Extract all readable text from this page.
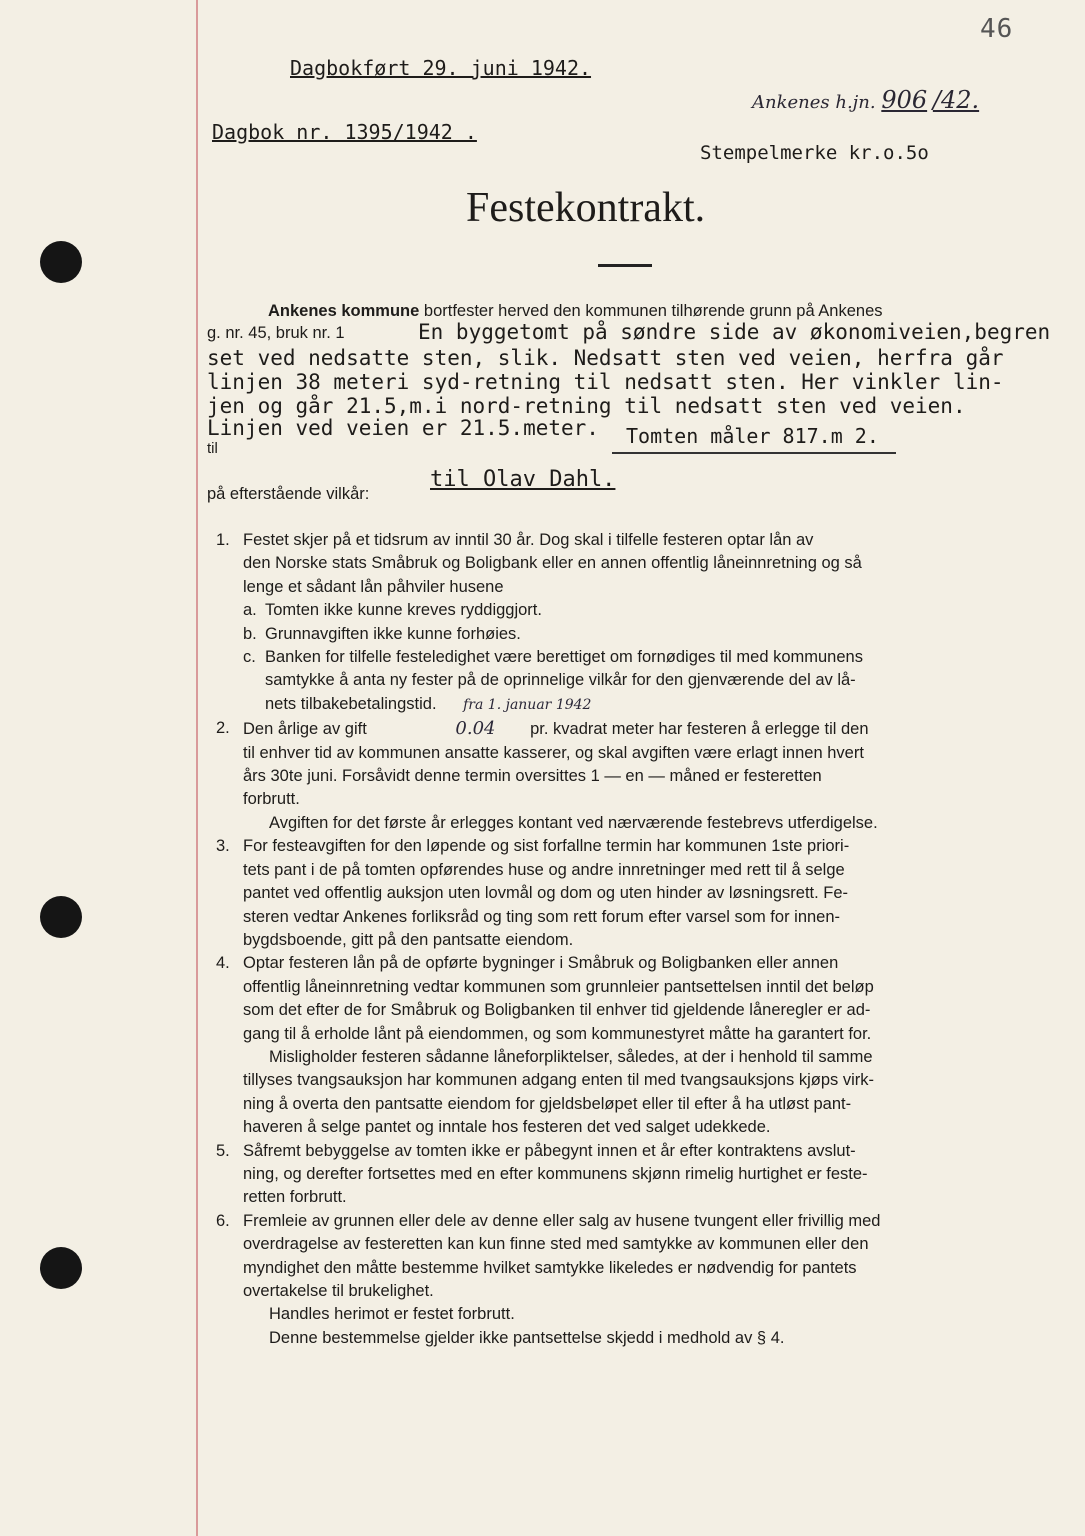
46
Dagbokført 29. juni 1942.
Ankenes h.jn. 906 /42.
Dagbok nr. 1395/1942 .
Stempelmerke kr.o.5o
Festekontrakt.
Ankenes kommune bortfester herved den kommunen tilhørende grunn på Ankenes
g. nr. 45, bruk nr. 1	En byggetomt på søndre side av økonomiveien,begren
set ved nedsatte sten, slik. Nedsatt sten ved veien, herfra går
linjen 38 meteri syd-retning til nedsatt sten. Her vinkler lin-
jen og går 21.5,m.i nord-retning til nedsatt sten ved veien.
Linjen ved veien er 21.5.meter.
til
Tomten måler 817.m 2.
på efterstående vilkår:
til Olav Dahl.
1. Festet skjer på et tidsrum av inntil 30 år. Dog skal i tilfelle festeren optar lån av
den Norske stats Småbruk og Boligbank eller en annen offentlig låneinnretning og så
lenge et sådant lån påhviler husene
a. Tomten ikke kunne kreves ryddiggjort.
b. Grunnavgiften ikke kunne forhøies.
c. Banken for tilfelle festeledighet være berettiget om fornødiges til med kommunens
samtykke å anta ny fester på de oprinnelige vilkår for den gjenværende del av lå-
nets tilbakebetalingstid. fra 1. januar 1942
2. Den årlige av gift	0.04 pr. kvadrat meter har festeren å erlegge til den
til enhver tid av kommunen ansatte kasserer, og skal avgiften være erlagt innen hvert
års 30te juni. Forsåvidt denne termin oversittes 1 — en — måned er festeretten
forbrutt.
Avgiften for det første år erlegges kontant ved nærværende festebrevs utferdigelse.
3. For festeavgiften for den løpende og sist forfallne termin har kommunen 1ste priori-
tets pant i de på tomten opførendes huse og andre innretninger med rett til å selge
pantet ved offentlig auksjon uten lovmål og dom og uten hinder av løsningsrett. Fe-
steren vedtar Ankenes forliksråd og ting som rett forum efter varsel som for innen-
bygdsboende, gitt på den pantsatte eiendom.
4. Optar festeren lån på de opførte bygninger i Småbruk og Boligbanken eller annen
offentlig låneinnretning vedtar kommunen som grunnleier pantsettelsen inntil det beløp
som det efter de for Småbruk og Boligbanken til enhver tid gjeldende låneregler er ad-
gang til å erholde lånt på eiendommen, og som kommunestyret måtte ha garantert for.
Misligholder festeren sådanne låneforpliktelser, således, at der i henhold til samme
tillyses tvangsauksjon har kommunen adgang enten til med tvangsauksjons kjøps virk-
ning å overta den pantsatte eiendom for gjeldsbeløpet eller til efter å ha utløst pant-
haveren å selge pantet og inntale hos festeren det ved salget udekkede.
5. Såfremt bebyggelse av tomten ikke er påbegynt innen et år efter kontraktens avslut-
ning, og derefter fortsettes med en efter kommunens skjønn rimelig hurtighet er feste-
retten forbrutt.
6. Fremleie av grunnen eller dele av denne eller salg av husene tvungent eller frivillig med
overdragelse av festeretten kan kun finne sted med samtykke av kommunen eller den
myndighet den måtte bestemme hvilket samtykke likeledes er nødvendig for pantets
overtakelse til brukelighet.
Handles herimot er festet forbrutt.
Denne bestemmelse gjelder ikke pantsettelse skjedd i medhold av § 4.
